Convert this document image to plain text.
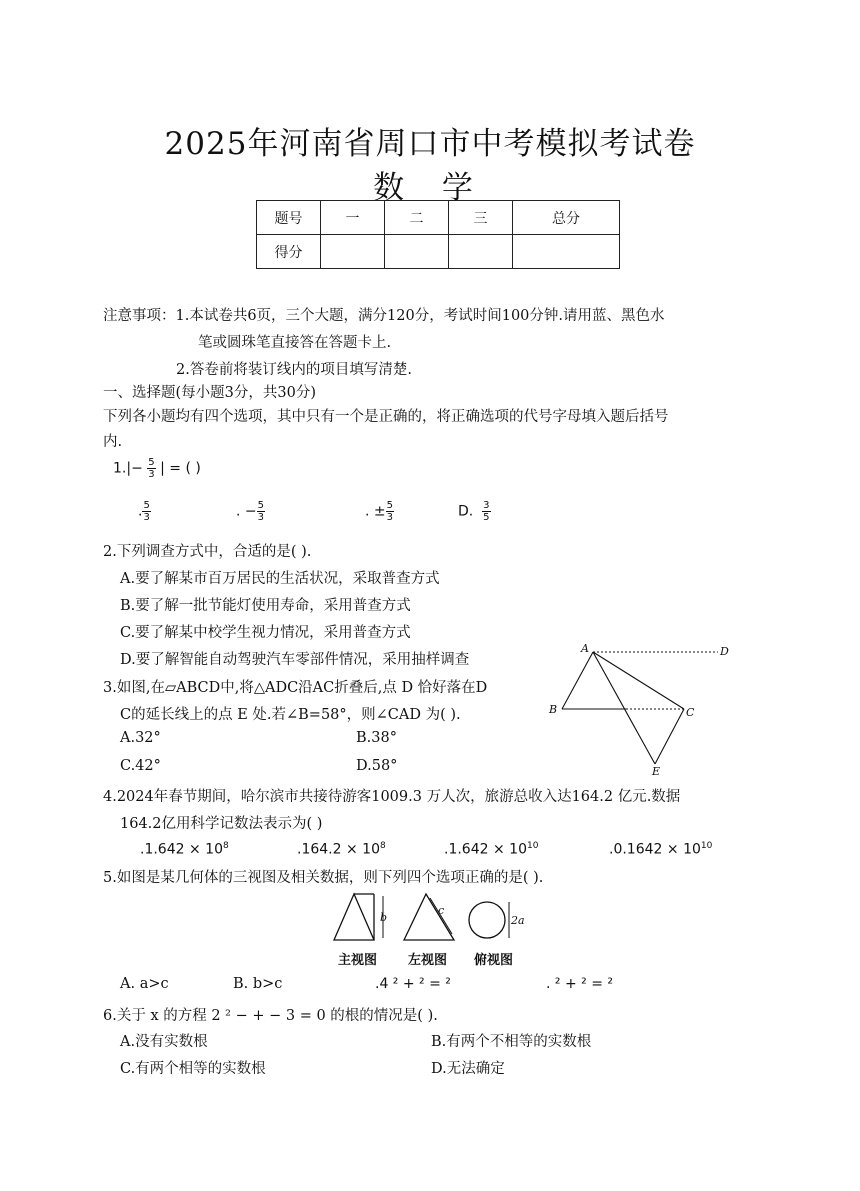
2025年河南省周口市中考模拟考试卷
数 学
题号	一	二	三	总分
得分				
注意事项：1.本试卷共6页，三个大题，满分120分，考试时间100分钟.请用蓝、黑色水
笔或圆珠笔直接答在答题卡上.
2.答卷前将装订线内的项目填写清楚.
一、选择题(每小题3分，共30分)
下列各小题均有四个选项，其中只有一个是正确的，将正确选项的代号字母填入题后括号
内.
$1.|- \frac{5}{3}$ | = ( )
. $\frac{5}{3}$	. − $\frac{5}{3}$	. ± $\frac{5}{3}$	D. $\frac{3}{5}$
2.下列调查方式中，合适的是( ).
A.要了解某市百万居民的生活状况，采取普查方式
B.要了解一批节能灯使用寿命，采用普查方式
C.要了解某中校学生视力情况，采用普查方式
D.要了解智能自动驾驶汽车零部件情况，采用抽样调查
3.如图,在▱ABCD中,将△ADC沿AC折叠后,点 D 恰好落在D
C的延长线上的点 E 处.若∠B=58°，则∠CAD 为( ).
A.32°	B.38°
C.42°	D.58°
A	D
B	C
E
4.2024年春节期间，哈尔滨市共接待游客1009.3 万人次，旅游总收入达164.2 亿元.数据
164.2亿用科学记数法表示为( )
$.1.642 \times 10^8$	$.164.2 \times 10^8$	$.1.642 \times 10^{10}$	$.0.1642 \times 10^{10}$
5.如图是某几何体的三视图及相关数据，则下列四个选项正确的是( ).
b
c
2a
主视图 左视图 俯视图
A. a>c	B. b>c	.4 ² + ² = ²	. ² + ² = ²
6.关于 x 的方程 2 ² − + − 3 = 0 的根的情况是( ).
A.没有实数根	B.有两个不相等的实数根
C.有两个相等的实数根	D.无法确定
